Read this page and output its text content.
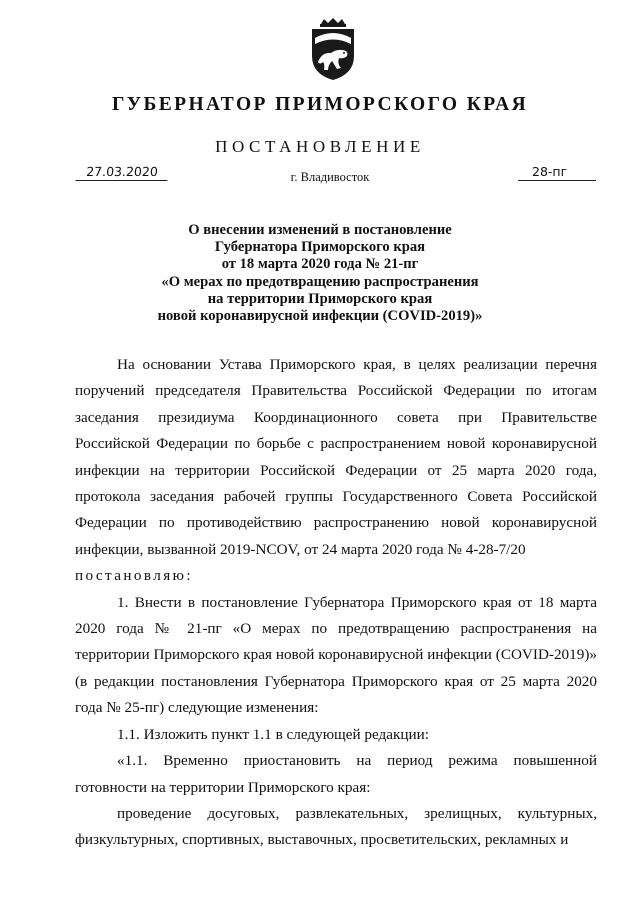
ГУБЕРНАТОР ПРИМОРСКОГО КРАЯ
ПОСТАНОВЛЕНИЕ
27.03.2020	г. Владивосток	28-пг
О внесении изменений в постановление
Губернатора Приморского края
от 18 марта 2020 года № 21-пг
«О мерах по предотвращению распространения
на территории Приморского края
новой коронавирусной инфекции (COVID-2019)»

На основании Устава Приморского края, в целях реализации перечня поручений председателя Правительства Российской Федерации по итогам заседания президиума Координационного совета при Правительстве Российской Федерации по борьбе с распространением новой коронавирусной инфекции на территории Российской Федерации от 25 марта 2020 года, протокола заседания рабочей группы Государственного Совета Российской Федерации по противодействию распространению новой коронавирусной инфекции, вызванной 2019-NCOV, от 24 марта 2020 года № 4-28-7/20

постановляю:

1. Внести в постановление Губернатора Приморского края от 18 марта 2020 года № 21-пг «О мерах по предотвращению распространения на территории Приморского края новой коронавирусной инфекции (COVID-2019)» (в редакции постановления Губернатора Приморского края от 25 марта 2020 года № 25-пг) следующие изменения:

1.1. Изложить пункт 1.1 в следующей редакции:

«1.1. Временно приостановить на период режима повышенной готовности на территории Приморского края:

проведение досуговых, развлекательных, зрелищных, культурных, физкультурных, спортивных, выставочных, просветительских, рекламных и
